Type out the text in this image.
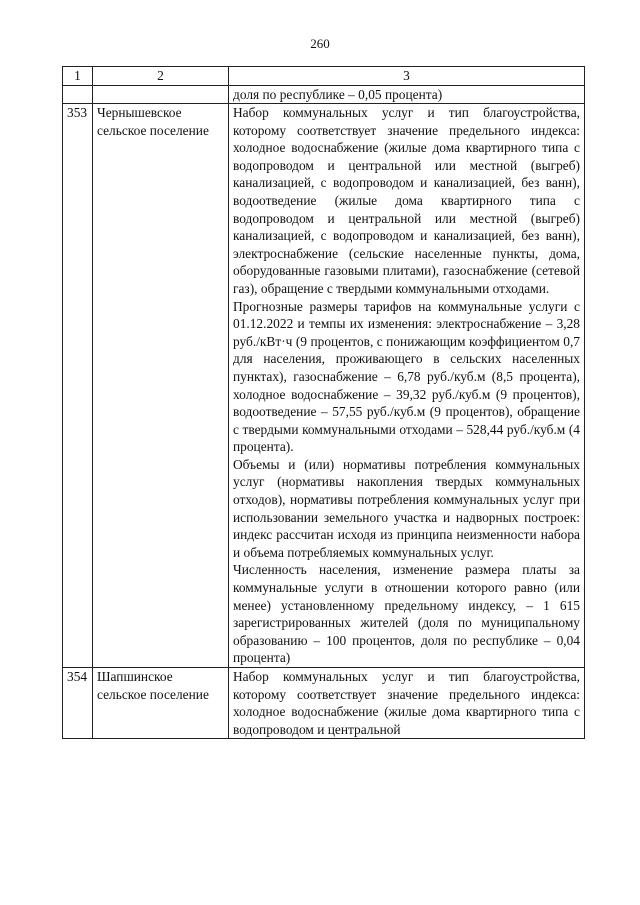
260
1	2	3

		доля по республике – 0,05 процента)

353	Чернышевское сельское поселение	Набор коммунальных услуг и тип благоустройства, которому соответствует значение предельного индекса: холодное водоснабжение (жилые дома квартирного типа с водопроводом и центральной или местной (выгреб) канализацией, с водопроводом и канализацией, без ванн), водоотведение (жилые дома квартирного типа с водопроводом и центральной или местной (выгреб) канализацией, с водопроводом и канализацией, без ванн), электроснабжение (сельские населенные пункты, дома, оборудованные газовыми плитами), газоснабжение (сетевой газ), обращение с твердыми коммунальными отходами.

Прогнозные размеры тарифов на коммунальные услуги с 01.12.2022 и темпы их изменения: электроснабжение – 3,28 руб./кВт·ч (9 процентов, с понижающим коэффициентом 0,7 для населения, проживающего в сельских населенных пунктах), газоснабжение – 6,78 руб./куб.м (8,5 процента), холодное водоснабжение – 39,32 руб./куб.м (9 процентов), водоотведение – 57,55 руб./куб.м (9 процентов), обращение с твердыми коммунальными отходами – 528,44 руб./куб.м (4 процента).

Объемы и (или) нормативы потребления коммунальных услуг (нормативы накопления твердых коммунальных отходов), нормативы потребления коммунальных услуг при использовании земельного участка и надворных построек: индекс рассчитан исходя из принципа неизменности набора и объема потребляемых коммунальных услуг.

Численность населения, изменение размера платы за коммунальные услуги в отношении которого равно (или менее) установленному предельному индексу, – 1 615 зарегистрированных жителей (доля по муниципальному образованию – 100 процентов, доля по республике – 0,04 процента)

354	Шапшинское сельское поселение	Набор коммунальных услуг и тип благоустройства, которому соответствует значение предельного индекса: холодное водоснабжение (жилые дома квартирного типа с водопроводом и центральной
